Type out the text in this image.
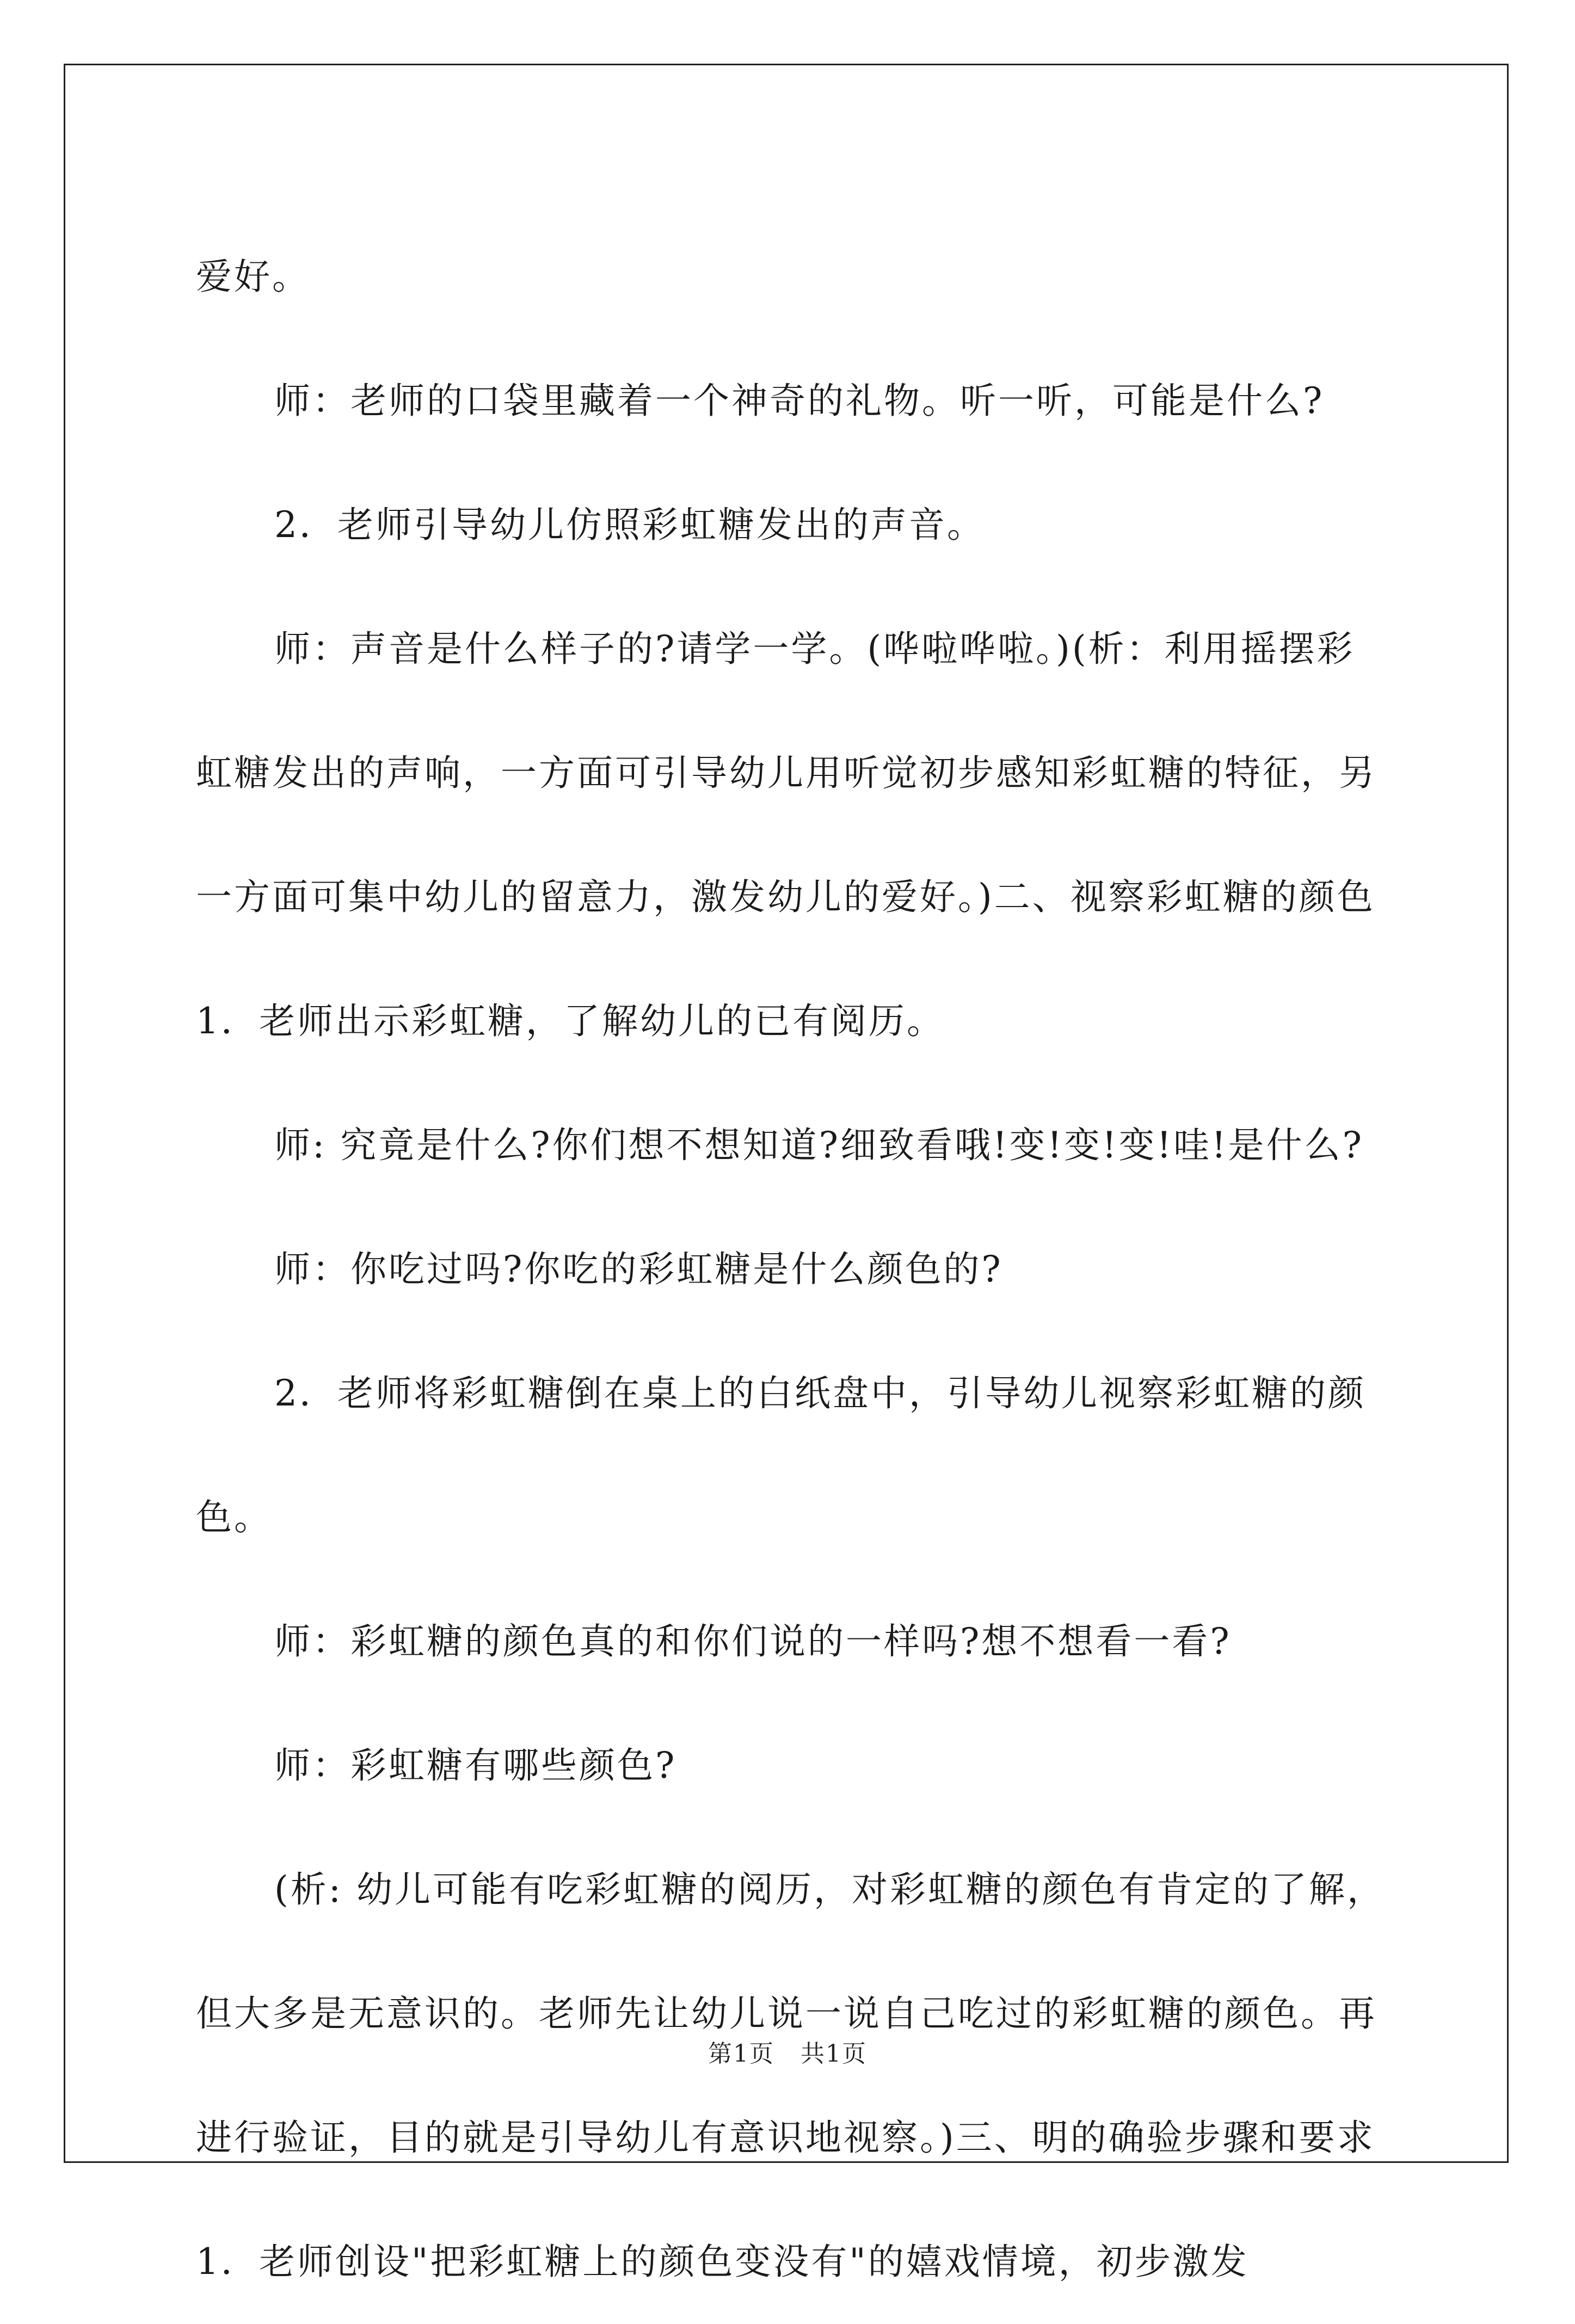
爱好。

师：老师的口袋里藏着一个神奇的礼物。听一听，可能是什么?

2．老师引导幼儿仿照彩虹糖发出的声音。

师：声音是什么样子的?请学一学。(哗啦哗啦。)(析：利用摇摆彩虹糖发出的声响，一方面可引导幼儿用听觉初步感知彩虹糖的特征，另一方面可集中幼儿的留意力，激发幼儿的爱好。)二、视察彩虹糖的颜色 1．老师出示彩虹糖，了解幼儿的已有阅历。

师: 究竟是什么?你们想不想知道?细致看哦!变!变!变!哇!是什么?

师：你吃过吗?你吃的彩虹糖是什么颜色的?

2．老师将彩虹糖倒在桌上的白纸盘中，引导幼儿视察彩虹糖的颜色。

师：彩虹糖的颜色真的和你们说的一样吗?想不想看一看?

师：彩虹糖有哪些颜色?

(析: 幼儿可能有吃彩虹糖的阅历，对彩虹糖的颜色有肯定的了解，但大多是无意识的。老师先让幼儿说一说自己吃过的彩虹糖的颜色。再进行验证，目的就是引导幼儿有意识地视察。)三、明的确验步骤和要求 1．老师创设"把彩虹糖上的颜色变没有"的嬉戏情境，初步激发

第1页 共1页
